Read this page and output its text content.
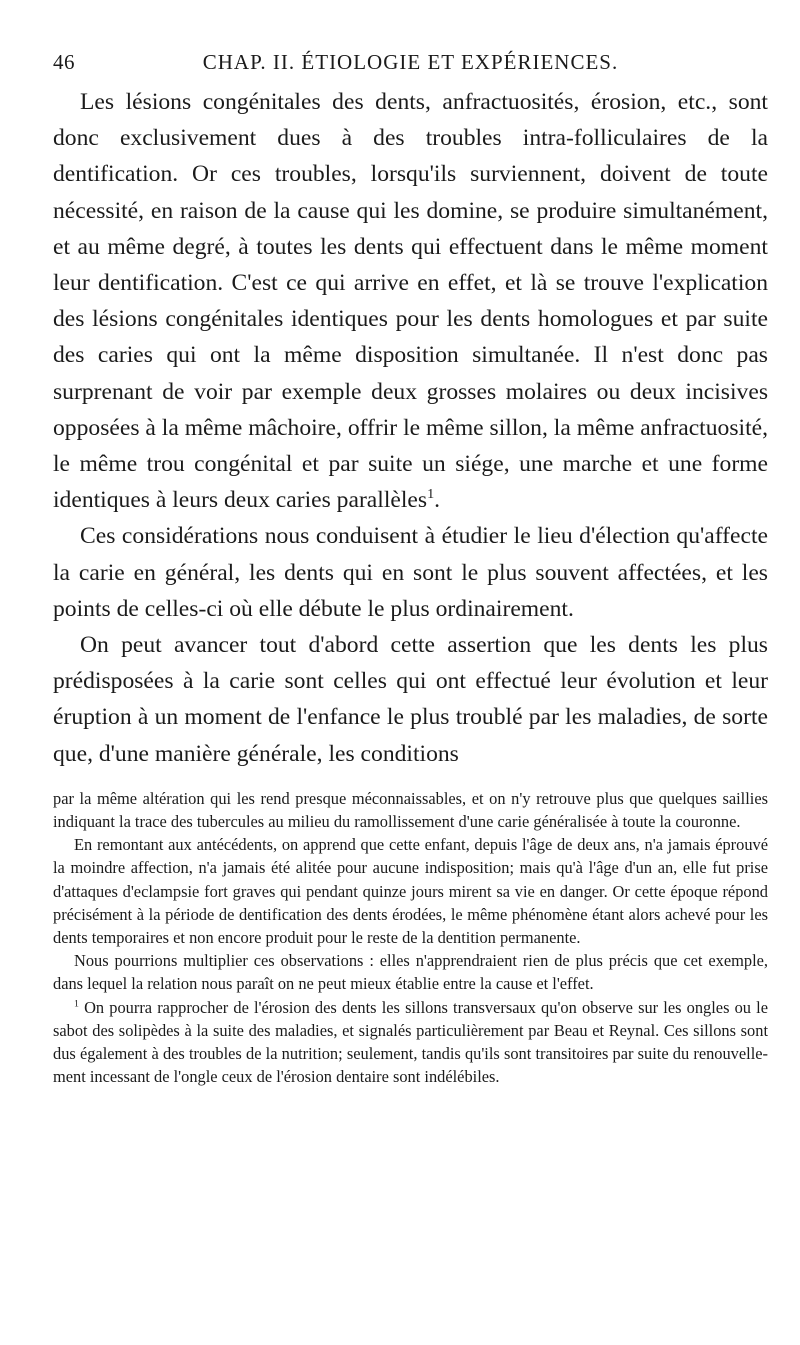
46	CHAP. II. ÉTIOLOGIE ET EXPÉRIENCES.

Les lésions congénitales des dents, anfractuosités, érosion, etc., sont donc exclusivement dues à des troubles intra-folliculaires de la dentification. Or ces troubles, lorsqu'ils surviennent, doivent de toute nécessité, en raison de la cause qui les domine, se produire simultanément, et au même degré, à toutes les dents qui effectuent dans le même moment leur dentification. C'est ce qui arrive en effet, et là se trouve l'explication des lésions congénitales identiques pour les dents homologues et par suite des caries qui ont la même disposition simultanée. Il n'est donc pas surprenant de voir par exemple deux grosses molaires ou deux incisives opposées à la même mâchoire, offrir le même sillon, la même anfractuosité, le même trou congénital et par suite un siége, une marche et une forme identiques à leurs deux caries parallèles$^1$.

Ces considérations nous conduisent à étudier le lieu d'élection qu'affecte la carie en général, les dents qui en sont le plus souvent affectées, et les points de celles-ci où elle débute le plus ordinairement.

On peut avancer tout d'abord cette assertion que les dents les plus prédisposées à la carie sont celles qui ont effectué leur évolution et leur éruption à un moment de l'enfance le plus troublé par les maladies, de sorte que, d'une manière générale, les conditions

par la même altération qui les rend presque méconnaissables, et on n'y retrouve plus que quelques saillies indiquant la trace des tubercules au milieu du ramollissement d'une carie généralisée à toute la couronne.

En remontant aux antécédents, on apprend que cette enfant, depuis l'âge de deux ans, n'a jamais éprouvé la moindre affection, n'a jamais été alitée pour aucune indisposition; mais qu'à l'âge d'un an, elle fut prise d'attaques d'eclampsie fort graves qui pendant quinze jours mirent sa vie en danger. Or cette époque répond précisément à la période de dentification des dents érodées, le même phénomène étant alors achevé pour les dents temporaires et non encore produit pour le reste de la dentition permanente.

Nous pourrions multiplier ces observations : elles n'apprendraient rien de plus précis que cet exemple, dans lequel la relation nous paraît on ne peut mieux établie entre la cause et l'effet.

$^1$ On pourra rapprocher de l'érosion des dents les sillons transversaux qu'on observe sur les ongles ou le sabot des solipèdes à la suite des maladies, et signalés particulièrement par Beau et Reynal. Ces sillons sont dus également à des troubles de la nutrition; seulement, tandis qu'ils sont transitoires par suite du renouvellement incessant de l'ongle ceux de l'érosion dentaire sont indélébiles.
